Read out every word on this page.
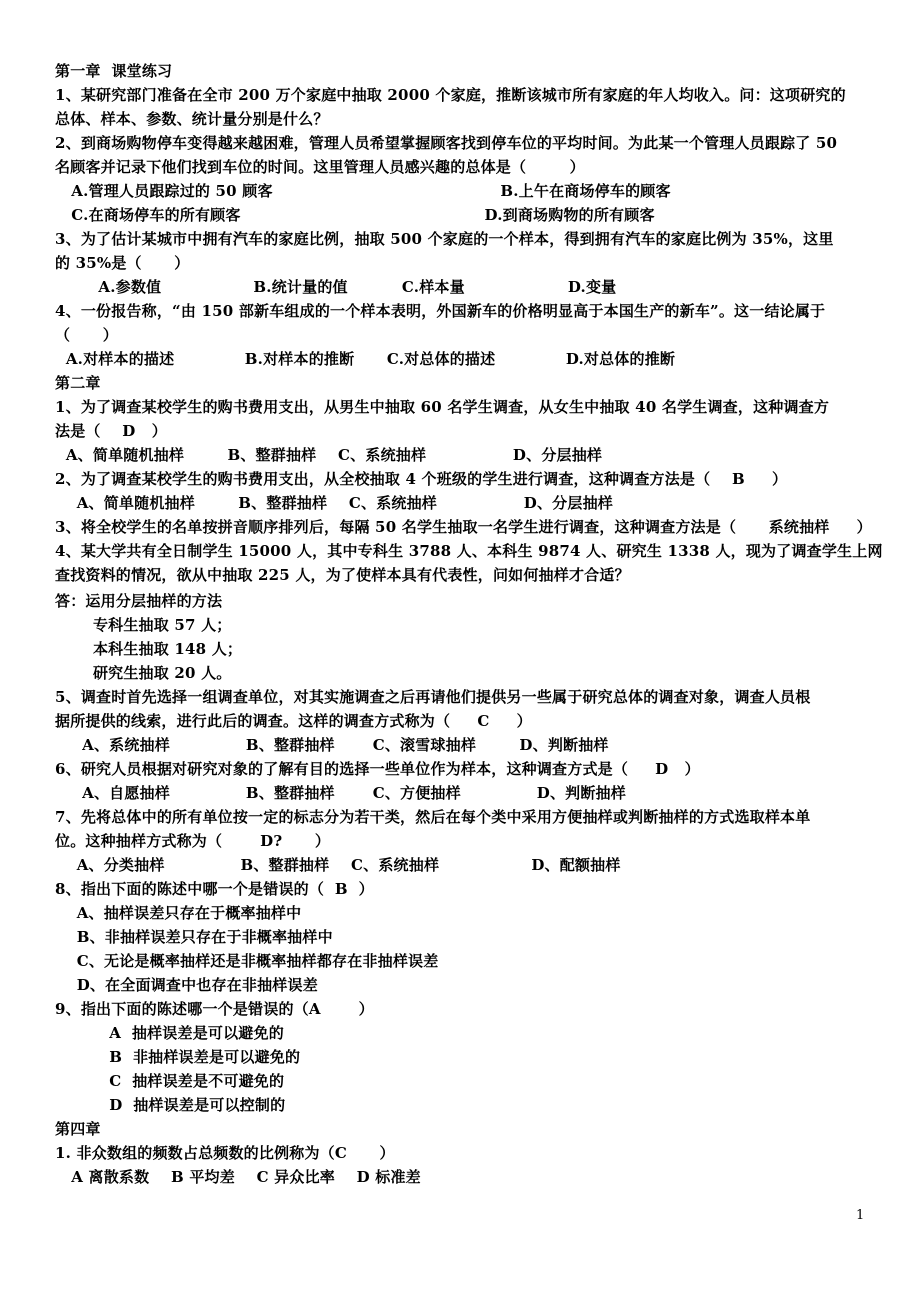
第一章  课堂练习
1、某研究部门准备在全市 200 万个家庭中抽取 2000 个家庭，推断该城市所有家庭的年人均收入。问：这项研究的
总体、样本、参数、统计量分别是什么？
2、到商场购物停车变得越来越困难，管理人员希望掌握顾客找到停车位的平均时间。为此某一个管理人员跟踪了 50
名顾客并记录下他们找到车位的时间。这里管理人员感兴趣的总体是（        ）
A.管理人员跟踪过的 50 顾客                                          B.上午在商场停车的顾客
C.在商场停车的所有顾客                                             D.到商场购物的所有顾客
3、为了估计某城市中拥有汽车的家庭比例，抽取 500 个家庭的一个样本，得到拥有汽车的家庭比例为 35%，这里
的 35%是（      ）
A.参数值                 B.统计量的值          C.样本量                   D.变量
4、一份报告称，“由 150 部新车组成的一个样本表明，外国新车的价格明显高于本国生产的新车”。这一结论属于
（      ）
A.对样本的描述             B.对样本的推断      C.对总体的描述             D.对总体的推断
第二章
1、为了调查某校学生的购书费用支出，从男生中抽取 60 名学生调查，从女生中抽取 40 名学生调查，这种调查方
法是（    D   ）
A、简单随机抽样        B、整群抽样    C、系统抽样                D、分层抽样
2、为了调查某校学生的购书费用支出，从全校抽取 4 个班级的学生进行调查，这种调查方法是（    B     ）
A、简单随机抽样        B、整群抽样    C、系统抽样                D、分层抽样
3、将全校学生的名单按拼音顺序排列后，每隔 50 名学生抽取一名学生进行调查，这种调查方法是（      系统抽样     ）
4、某大学共有全日制学生 15000 人，其中专科生 3788 人、本科生 9874 人、研究生 1338 人，现为了调查学生上网
查找资料的情况，欲从中抽取 225 人，为了使样本具有代表性，问如何抽样才合适？
答：运用分层抽样的方法
专科生抽取 57 人；
本科生抽取 148 人；
研究生抽取 20 人。
5、调查时首先选择一组调查单位，对其实施调查之后再请他们提供另一些属于研究总体的调查对象，调查人员根
据所提供的线索，进行此后的调查。这样的调查方式称为（     C     ）
A、系统抽样              B、整群抽样       C、滚雪球抽样        D、判断抽样
6、研究人员根据对研究对象的了解有目的选择一些单位作为样本，这种调查方式是（     D   ）
A、自愿抽样              B、整群抽样       C、方便抽样              D、判断抽样
7、先将总体中的所有单位按一定的标志分为若干类，然后在每个类中采用方便抽样或判断抽样的方式选取样本单
位。这种抽样方式称为（       D?      ）
A、分类抽样              B、整群抽样    C、系统抽样                 D、配额抽样
8、指出下面的陈述中哪一个是错误的（  B  ）
A、抽样误差只存在于概率抽样中
B、非抽样误差只存在于非概率抽样中
C、无论是概率抽样还是非概率抽样都存在非抽样误差
D、在全面调查中也存在非抽样误差
9、指出下面的陈述哪一个是错误的（A       ）
A  抽样误差是可以避免的
B  非抽样误差是可以避免的
C  抽样误差是不可避免的
D  抽样误差是可以控制的
第四章
1. 非众数组的频数占总频数的比例称为（C      ）
A 离散系数    B 平均差    C 异众比率    D 标准差
1
